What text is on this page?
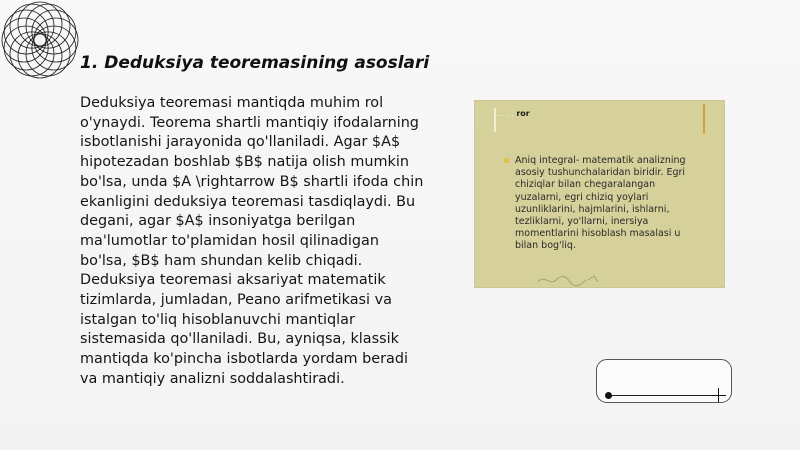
1. Deduksiya teoremasining asoslari

Deduksiya teoremasi mantiqda muhim rol o'ynaydi. Teorema shartli mantiqiy ifodalarning isbotlanishi jarayonida qo'llaniladi. Agar $A$ hipotezadan boshlab $B$ natija olish mumkin bo'lsa, unda $A \rightarrow B$ shartli ifoda chin ekanligini deduksiya teoremasi tasdiqlaydi. Bu degani, agar $A$ insoniyatga berilgan ma'lumotlar to'plamidan hosil qilinadigan bo'lsa, $B$ ham shundan kelib chiqadi. Deduksiya teoremasi aksariyat matematik tizimlarda, jumladan, Peano arifmetikasi va istalgan to'liq hisoblanuvchi mantiqlar sistemasida qo'llaniladi. Bu, ayniqsa, klassik mantiqda ko'pincha isbotlarda yordam beradi va mantiqiy analizni soddalashtiradi.

... ... ror
Aniq integral- matematik analizning asosiy tushunchalaridan biridir. Egri chiziqlar bilan chegaralangan yuzalarni, egri chiziq yoylari uzunliklarini, hajmlarini, ishlarni, tezliklarni, yo'llarni, inersiya momentlarini hisoblash masalasi u bilan bog'liq.
